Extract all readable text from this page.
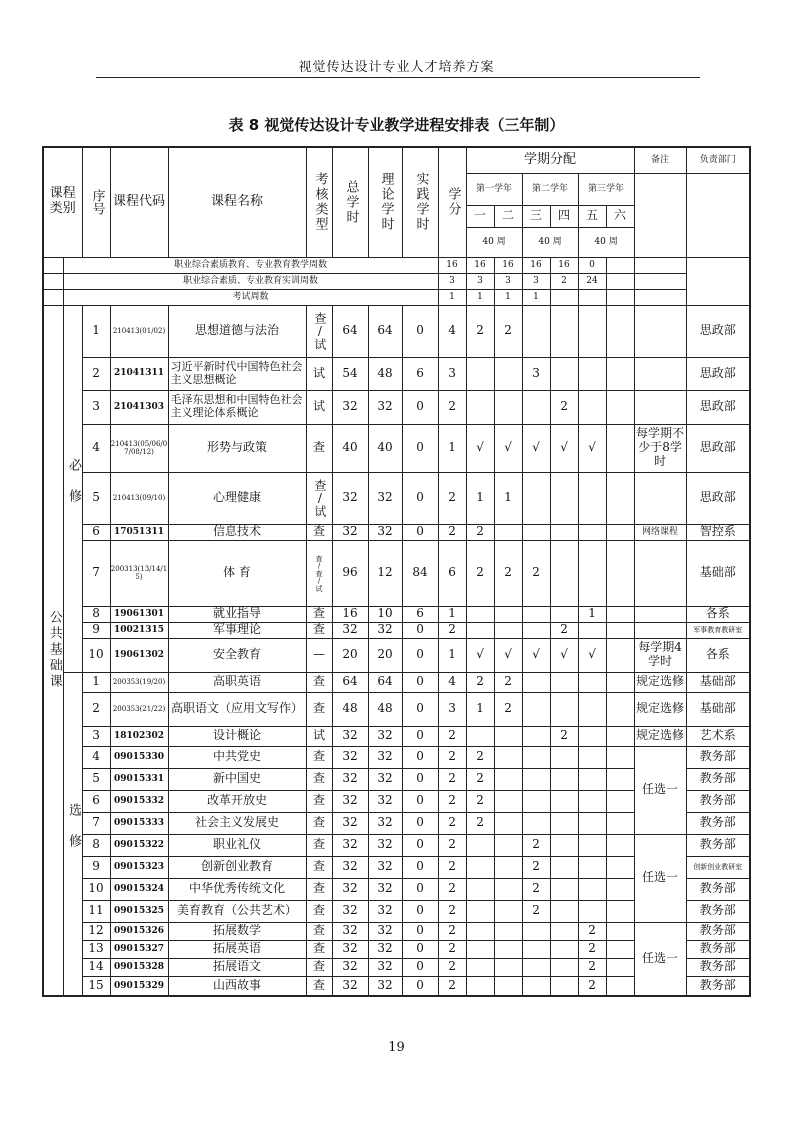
视觉传达设计专业人才培养方案
表 8 视觉传达设计专业教学进程安排表（三年制）
课程类别		序号	课程代码	课程名称	考核类型	总学时	理论学时	实践学时	学分	学期分配						备注	负责部门
										第一学年		第二学年		第三学年			
										一	二	三	四	五	六		
										40 周		40 周		40 周			
	职业综合素质教育、专业教育教学周数								16	16	16	16	16	0			
	职业综合素质、专业教育实训周数								3	3	3	3	2	24			
	考试周数								1	1	1	1					
公共基础课	必修	1	210413(01/02)	思想道德与法治	查/试	64	64	0	4	2	2						思政部
		2	21041311	习近平新时代中国特色社会主义思想概论	试	54	48	6	3			3					思政部
		3	21041303	毛泽东思想和中国特色社会主义理论体系概论	试	32	32	0	2				2				思政部
		4	210413(05/06/07/08/12)	形势与政策	查	40	40	0	1	√	√	√	√	√		每学期不少于8学时	思政部
		5	210413(09/10)	心理健康	查/试	32	32	0	2	1	1						思政部
		6	17051311	信息技术	查	32	32	0	2	2						网络课程	智控系
		7	200313(13/14/15)	体 育	查/查/试	96	12	84	6	2	2	2					基础部
		8	19061301	就业指导	查	16	10	6	1					1			各系
		9	10021315	军事理论	查	32	32	0	2				2				军事教育教研室
		10	19061302	安全教育	—	20	20	0	1	√	√	√	√	√		每学期4学时	各系
	选修	1	200353(19/20)	高职英语	查	64	64	0	4	2	2					规定选修	基础部
		2	200353(21/22)	高职语文（应用文写作）	查	48	48	0	3	1	2					规定选修	基础部
		3	18102302	设计概论	试	32	32	0	2				2			规定选修	艺术系
		4	09015330	中共党史	查	32	32	0	2	2						任选一	教务部
		5	09015331	新中国史	查	32	32	0	2	2							教务部
		6	09015332	改革开放史	查	32	32	0	2	2							教务部
		7	09015333	社会主义发展史	查	32	32	0	2	2							教务部
		8	09015322	职业礼仪	查	32	32	0	2			2				任选一	教务部
		9	09015323	创新创业教育	查	32	32	0	2			2					创新创业教研室
		10	09015324	中华优秀传统文化	查	32	32	0	2			2					教务部
		11	09015325	美育教育（公共艺术）	查	32	32	0	2			2					教务部
		12	09015326	拓展数学	查	32	32	0	2					2		任选一	教务部
		13	09015327	拓展英语	查	32	32	0	2					2			教务部
		14	09015328	拓展语文	查	32	32	0	2					2			教务部
		15	09015329	山西故事	查	32	32	0	2					2			教务部
19
